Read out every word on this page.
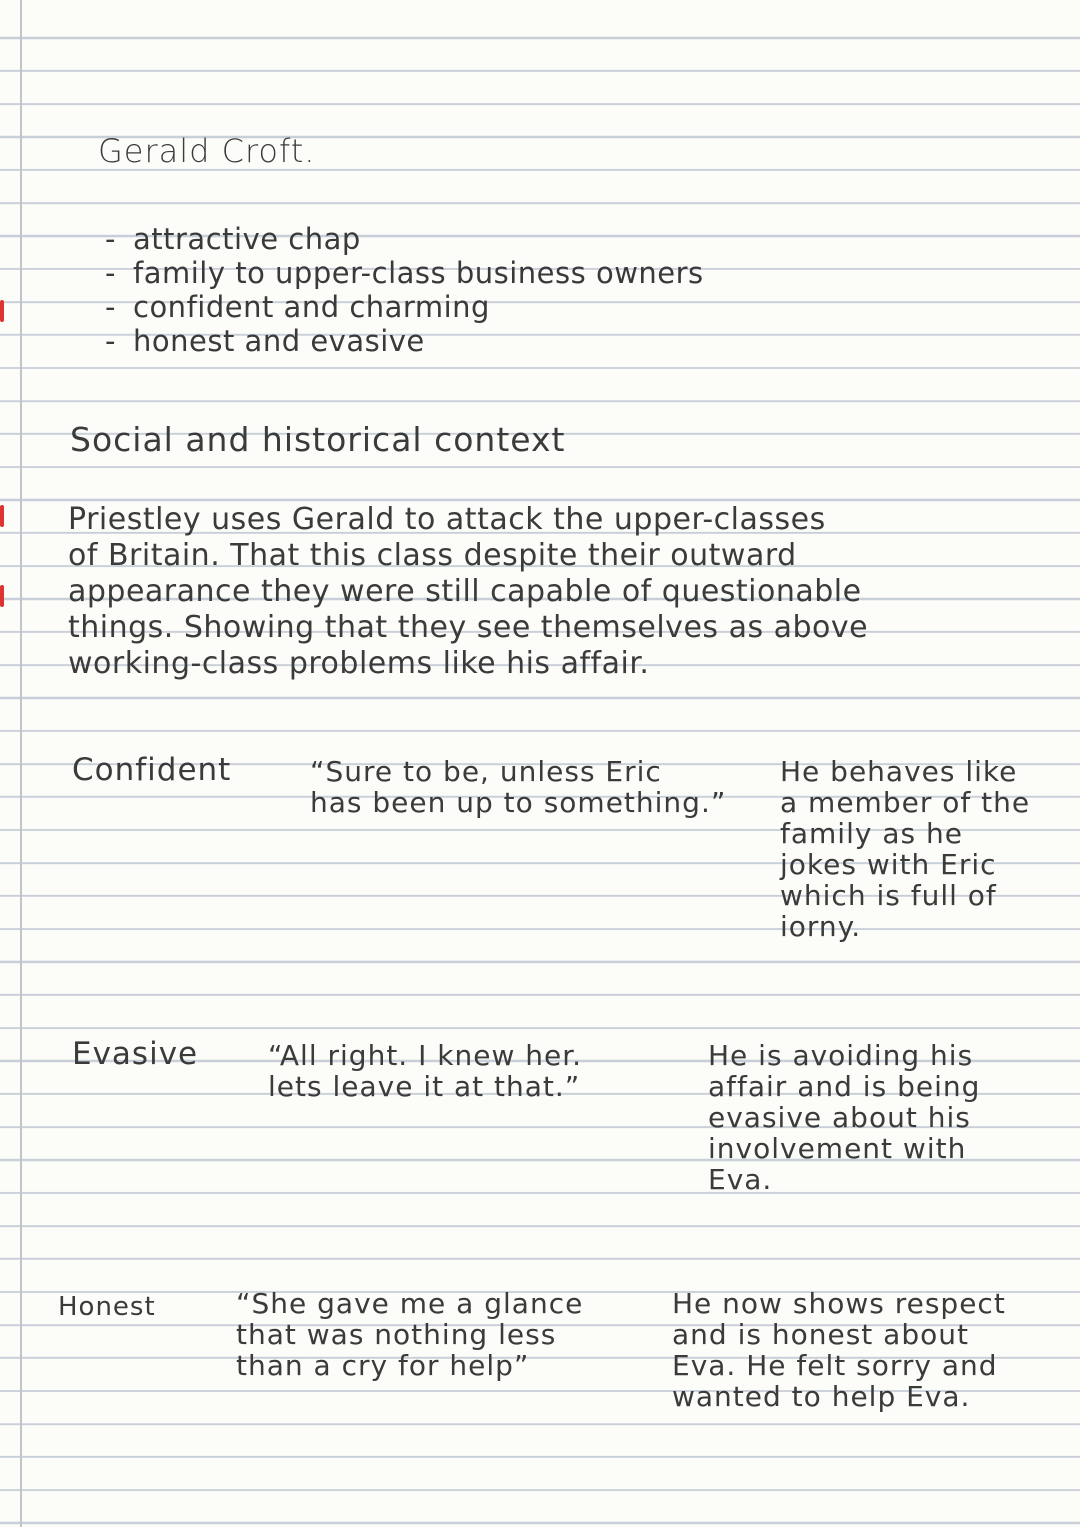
Gerald Croft.
- attractive chap
- family to upper-class business owners
- confident and charming
- honest and evasive
Social and historical context
Priestley uses Gerald to attack the upper-classes
of Britain. That this class despite their outward
appearance they were still capable of questionable
things. Showing that they see themselves as above
working-class problems like his affair.
Confident	“Sure to be, unless Eric
has been up to something.”
He behaves like
a member of the
family as he
jokes with Eric
which is full of
iorny.
Evasive “All right. I knew her.
lets leave it at that.”
He is avoiding his
affair and is being
evasive about his
involvement with
Eva.
Honest	“She gave me a glance
that was nothing less
than a cry for help”
He now shows respect
and is honest about
Eva. He felt sorry and
wanted to help Eva.
